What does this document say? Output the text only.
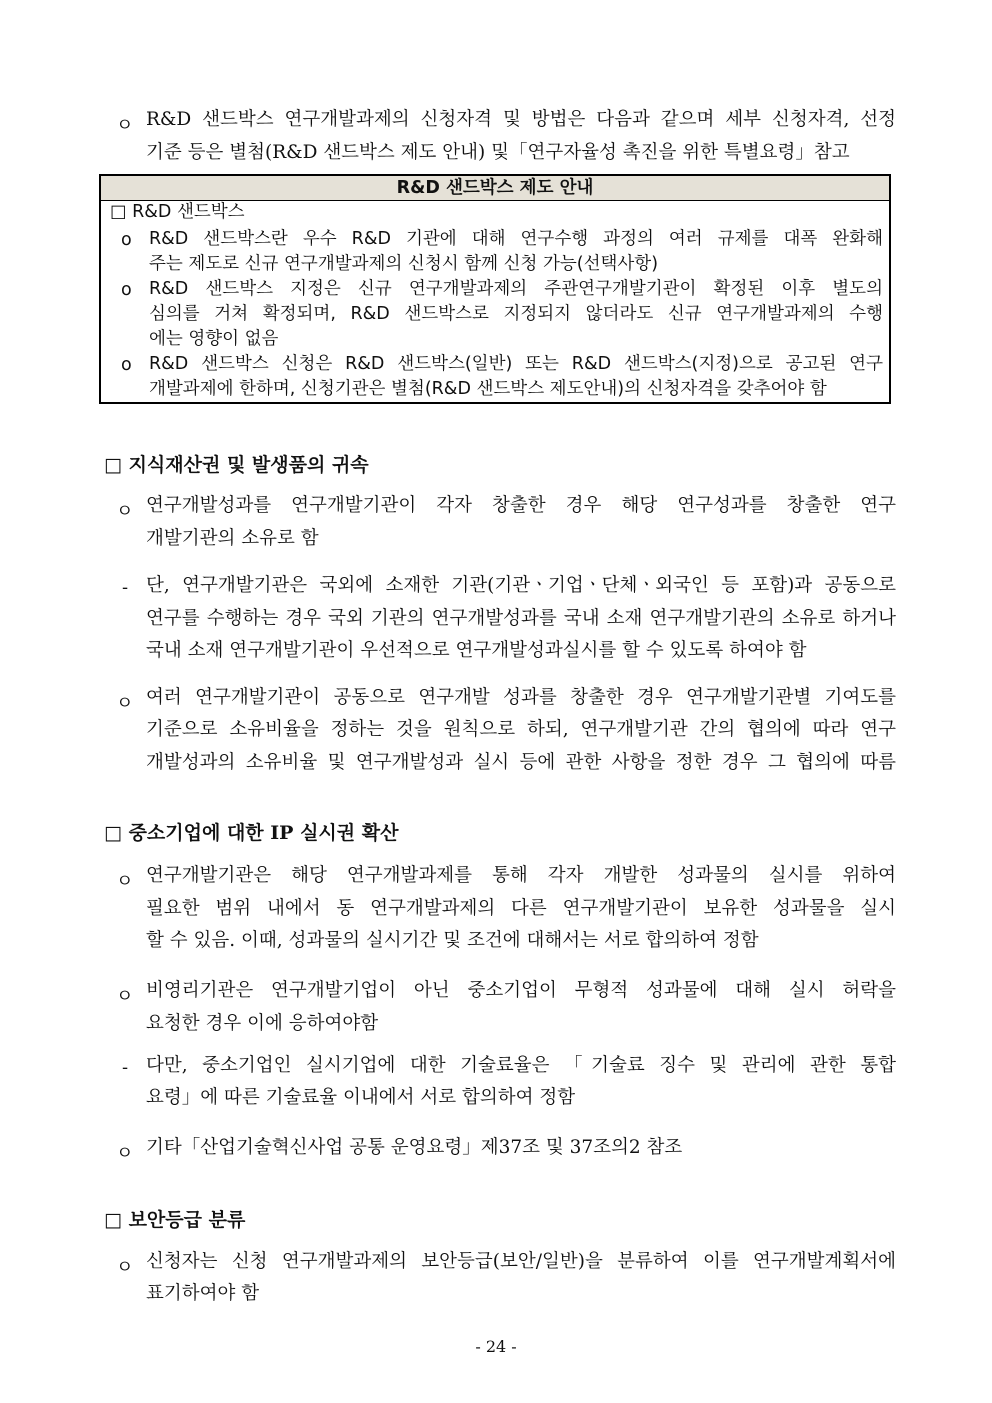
ㅇ R&D 샌드박스 연구개발과제의 신청자격 및 방법은 다음과 같으며 세부 신청자격, 선정
기준 등은 별첨(R&D 샌드박스 제도 안내) 및「연구자율성 촉진을 위한 특별요령」참고
R&D 샌드박스 제도 안내
□ R&D 샌드박스
o R&D 샌드박스란 우수 R&D 기관에 대해 연구수행 과정의 여러 규제를 대폭 완화해
주는 제도로 신규 연구개발과제의 신청시 함께 신청 가능(선택사항)
o R&D 샌드박스 지정은 신규 연구개발과제의 주관연구개발기관이 확정된 이후 별도의
심의를 거쳐 확정되며, R&D 샌드박스로 지정되지 않더라도 신규 연구개발과제의 수행
에는 영향이 없음
o R&D 샌드박스 신청은 R&D 샌드박스(일반) 또는 R&D 샌드박스(지정)으로 공고된 연구
개발과제에 한하며, 신청기관은 별첨(R&D 샌드박스 제도안내)의 신청자격을 갖추어야 함
□ 지식재산권 및 발생품의 귀속
ㅇ 연구개발성과를 연구개발기관이 각자 창출한 경우 해당 연구성과를 창출한 연구
개발기관의 소유로 함
- 단, 연구개발기관은 국외에 소재한 기관(기관ㆍ기업ㆍ단체ㆍ외국인 등 포함)과 공동으로
연구를 수행하는 경우 국외 기관의 연구개발성과를 국내 소재 연구개발기관의 소유로 하거나
국내 소재 연구개발기관이 우선적으로 연구개발성과실시를 할 수 있도록 하여야 함
ㅇ 여러 연구개발기관이 공동으로 연구개발 성과를 창출한 경우 연구개발기관별 기여도를
기준으로 소유비율을 정하는 것을 원칙으로 하되, 연구개발기관 간의 협의에 따라 연구
개발성과의 소유비율 및 연구개발성과 실시 등에 관한 사항을 정한 경우 그 협의에 따름
□ 중소기업에 대한 IP 실시권 확산
ㅇ 연구개발기관은 해당 연구개발과제를 통해 각자 개발한 성과물의 실시를 위하여
필요한 범위 내에서 동 연구개발과제의 다른 연구개발기관이 보유한 성과물을 실시
할 수 있음. 이때, 성과물의 실시기간 및 조건에 대해서는 서로 합의하여 정함
ㅇ 비영리기관은 연구개발기업이 아닌 중소기업이 무형적 성과물에 대해 실시 허락을
요청한 경우 이에 응하여야함
- 다만, 중소기업인 실시기업에 대한 기술료율은 「기술료 징수 및 관리에 관한 통합
요령」에 따른 기술료율 이내에서 서로 합의하여 정함
ㅇ 기타「산업기술혁신사업 공통 운영요령」제37조 및 37조의2 참조
□ 보안등급 분류
ㅇ 신청자는 신청 연구개발과제의 보안등급(보안/일반)을 분류하여 이를 연구개발계획서에
표기하여야 함
- 24 -
